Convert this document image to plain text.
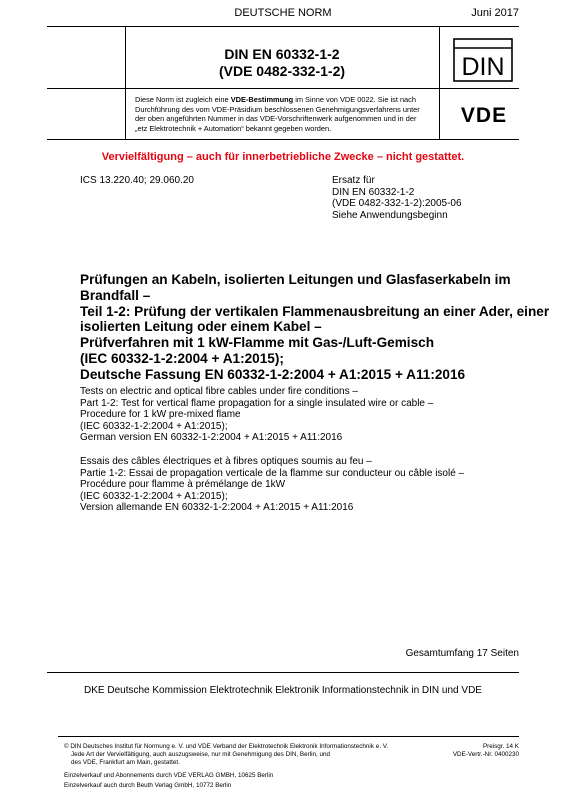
DEUTSCHE NORM	Juni 2017
DIN EN 60332-1-2
(VDE 0482-332-1-2)	DIN
Diese Norm ist zugleich eine VDE-Bestimmung im Sinne von VDE 0022. Sie ist nach
Durchführung des vom VDE-Präsidium beschlossenen Genehmigungsverfahrens unter
der oben angeführten Nummer in das VDE-Vorschriftenwerk aufgenommen und in der
„etz Elektrotechnik + Automation“ bekannt gegeben worden.
VDE
Vervielfältigung – auch für innerbetriebliche Zwecke – nicht gestattet.
ICS 13.220.40; 29.060.20	Ersatz für
DIN EN 60332-1-2
(VDE 0482-332-1-2):2005-06
Siehe Anwendungsbeginn
Prüfungen an Kabeln, isolierten Leitungen und Glasfaserkabeln im
Brandfall –
Teil 1-2: Prüfung der vertikalen Flammenausbreitung an einer Ader, einer
isolierten Leitung oder einem Kabel –
Prüfverfahren mit 1 kW-Flamme mit Gas-/Luft-Gemisch
(IEC 60332-1-2:2004 + A1:2015);
Deutsche Fassung EN 60332-1-2:2004 + A1:2015 + A11:2016
Tests on electric and optical fibre cables under fire conditions –
Part 1-2: Test for vertical flame propagation for a single insulated wire or cable –
Procedure for 1 kW pre-mixed flame
(IEC 60332-1-2:2004 + A1:2015);
German version EN 60332-1-2:2004 + A1:2015 + A11:2016
Essais des câbles électriques et à fibres optiques soumis au feu –
Partie 1-2: Essai de propagation verticale de la flamme sur conducteur ou câble isolé –
Procédure pour flamme à prémélange de 1kW
(IEC 60332-1-2:2004 + A1:2015);
Version allemande EN 60332-1-2:2004 + A1:2015 + A11:2016
Gesamtumfang 17 Seiten
DKE Deutsche Kommission Elektrotechnik Elektronik Informationstechnik in DIN und VDE
© DIN Deutsches Institut für Normung e. V. und VDE Verband der Elektrotechnik Elektronik Informationstechnik e. V.
Jede Art der Vervielfältigung, auch auszugsweise, nur mit Genehmigung des DIN, Berlin, und
des VDE, Frankfurt am Main, gestattet.
Preisgr. 14 K
VDE-Vertr.-Nr. 0400230
Einzelverkauf und Abonnements durch VDE VERLAG GMBH, 10625 Berlin
Einzelverkauf auch durch Beuth Verlag GmbH, 10772 Berlin
